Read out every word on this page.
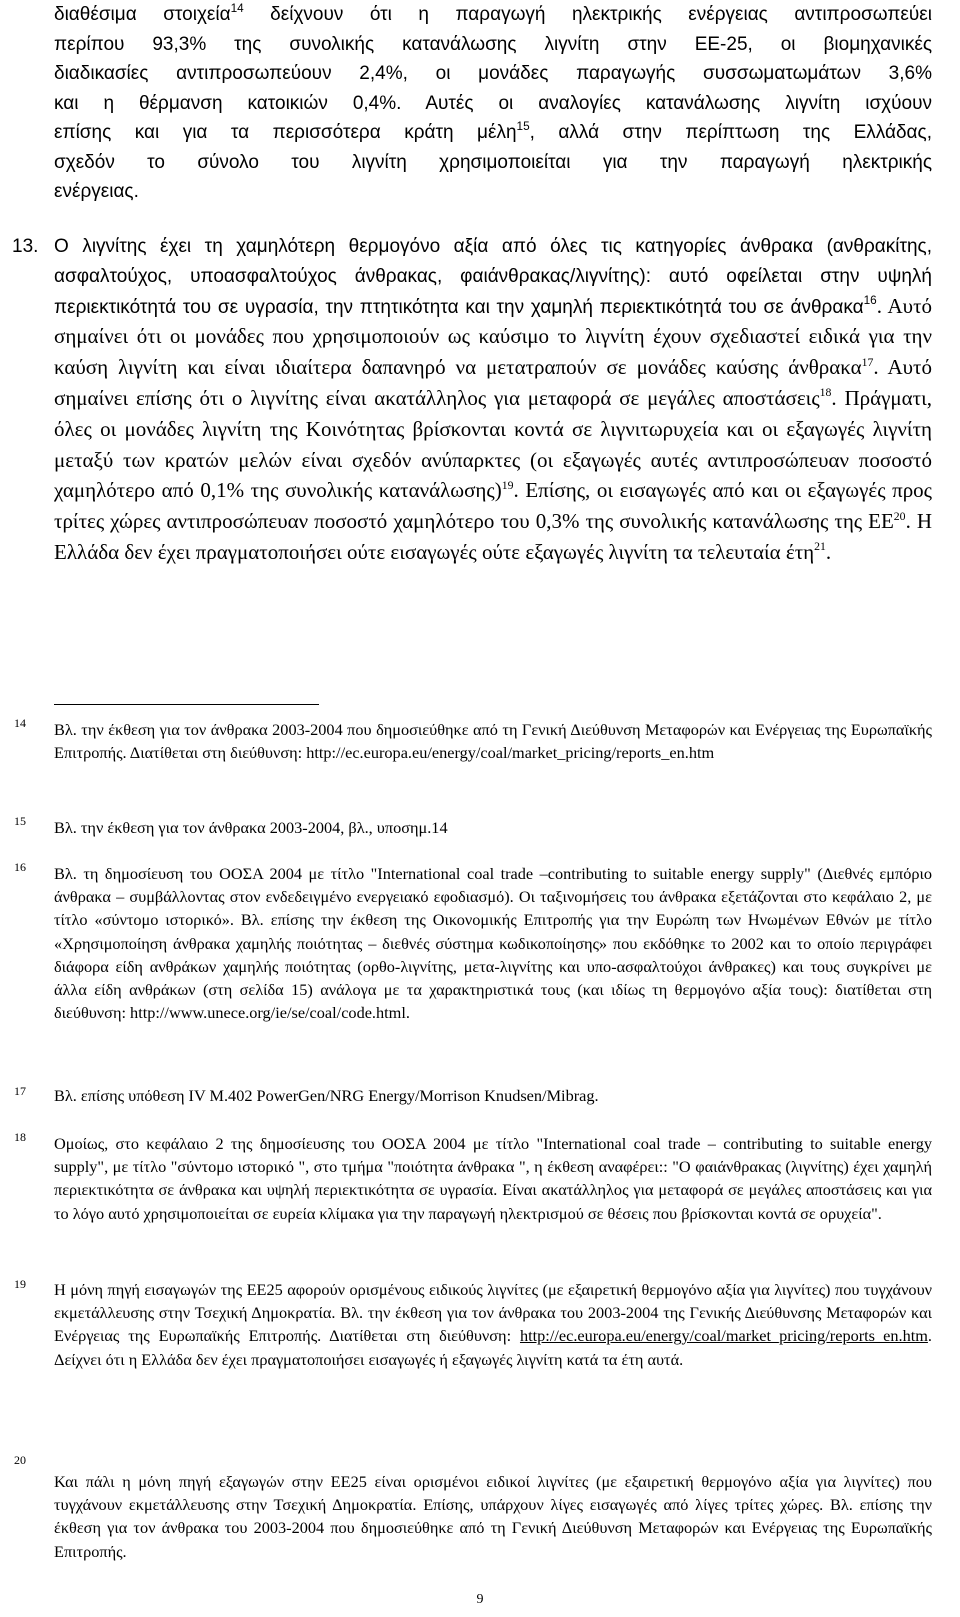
διαθέσιμα στοιχεία$^{14}$ δείχνουν ότι η παραγωγή ηλεκτρικής ενέργειας αντιπροσωπεύει
περίπου 93,3% της συνολικής κατανάλωσης λιγνίτη στην ΕΕ-25, οι βιομηχανικές
διαδικασίες αντιπροσωπεύουν 2,4%, οι μονάδες παραγωγής συσσωματωμάτων 3,6%
και η θέρμανση κατοικιών 0,4%. Αυτές οι αναλογίες κατανάλωσης λιγνίτη ισχύουν
επίσης και για τα περισσότερα κράτη μέλη$^{15}$, αλλά στην περίπτωση της Ελλάδας,
σχεδόν το σύνολο του λιγνίτη χρησιμοποιείται για την παραγωγή ηλεκτρικής
ενέργειας.
13. Ο λιγνίτης έχει τη χαμηλότερη θερμογόνο αξία από όλες τις κατηγορίες άνθρακα (ανθρακίτης, ασφαλτούχος, υποασφαλτούχος άνθρακας, φαιάνθρακας/λιγνίτης): αυτό οφείλεται στην υψηλή περιεκτικότητά του σε υγρασία, την πτητικότητα και την χαμηλή περιεκτικότητά του σε άνθρακα$^{16}$. Αυτό σημαίνει ότι οι μονάδες που χρησιμοποιούν ως καύσιμο το λιγνίτη έχουν σχεδιαστεί ειδικά για την καύση λιγνίτη και είναι ιδιαίτερα δαπανηρό να μετατραπούν σε μονάδες καύσης άνθρακα$^{17}$. Αυτό σημαίνει επίσης ότι ο λιγνίτης είναι ακατάλληλος για μεταφορά σε μεγάλες αποστάσεις$^{18}$. Πράγματι, όλες οι μονάδες λιγνίτη της Κοινότητας βρίσκονται κοντά σε λιγνιτωρυχεία και οι εξαγωγές λιγνίτη μεταξύ των κρατών μελών είναι σχεδόν ανύπαρκτες (οι εξαγωγές αυτές αντιπροσώπευαν ποσοστό χαμηλότερο από 0,1% της συνολικής κατανάλωσης)$^{19}$. Επίσης, οι εισαγωγές από και οι εξαγωγές προς τρίτες χώρες αντιπροσώπευαν ποσοστό χαμηλότερο του 0,3% της συνολικής κατανάλωσης της ΕΕ$^{20}$. Η Ελλάδα δεν έχει πραγματοποιήσει ούτε εισαγωγές ούτε εξαγωγές λιγνίτη τα τελευταία έτη$^{21}$.
14 Βλ. την έκθεση για τον άνθρακα 2003-2004 που δημοσιεύθηκε από τη Γενική Διεύθυνση Μεταφορών και Ενέργειας της Ευρωπαϊκής Επιτροπής. Διατίθεται στη διεύθυνση: http://ec.europa.eu/energy/coal/market_pricing/reports_en.htm
15 Βλ. την έκθεση για τον άνθρακα 2003-2004, βλ., υποσημ.14
16 Βλ. τη δημοσίευση του ΟΟΣΑ 2004 με τίτλο "International coal trade –contributing to suitable energy supply" (Διεθνές εμπόριο άνθρακα – συμβάλλοντας στον ενδεδειγμένο ενεργειακό εφοδιασμό). Οι ταξινομήσεις του άνθρακα εξετάζονται στο κεφάλαιο 2, με τίτλο «σύντομο ιστορικό». Βλ. επίσης την έκθεση της Οικονομικής Επιτροπής για την Ευρώπη των Ηνωμένων Εθνών με τίτλο «Χρησιμοποίηση άνθρακα χαμηλής ποιότητας – διεθνές σύστημα κωδικοποίησης» που εκδόθηκε το 2002 και το οποίο περιγράφει διάφορα είδη ανθράκων χαμηλής ποιότητας (ορθο-λιγνίτης, μετα-λιγνίτης και υπο-ασφαλτούχοι άνθρακες) και τους συγκρίνει με άλλα είδη ανθράκων (στη σελίδα 15) ανάλογα με τα χαρακτηριστικά τους (και ιδίως τη θερμογόνο αξία τους): διατίθεται στη διεύθυνση: http://www.unece.org/ie/se/coal/code.html.
17 Βλ. επίσης υπόθεση IV M.402 PowerGen/NRG Energy/Morrison Knudsen/Mibrag.
18 Ομοίως, στο κεφάλαιο 2 της δημοσίευσης του ΟΟΣΑ 2004 με τίτλο "International coal trade – contributing to suitable energy supply", με τίτλο "σύντομο ιστορικό ", στο τμήμα "ποιότητα άνθρακα ", η έκθεση αναφέρει:: "Ο φαιάνθρακας (λιγνίτης) έχει χαμηλή περιεκτικότητα σε άνθρακα και υψηλή περιεκτικότητα σε υγρασία. Είναι ακατάλληλος για μεταφορά σε μεγάλες αποστάσεις και για το λόγο αυτό χρησιμοποιείται σε ευρεία κλίμακα για την παραγωγή ηλεκτρισμού σε θέσεις που βρίσκονται κοντά σε ορυχεία".
19 Η μόνη πηγή εισαγωγών της ΕΕ25 αφορούν ορισμένους ειδικούς λιγνίτες (με εξαιρετική θερμογόνο αξία για λιγνίτες) που τυγχάνουν εκμετάλλευσης στην Τσεχική Δημοκρατία. Βλ. την έκθεση για τον άνθρακα του 2003-2004 της Γενικής Διεύθυνσης Μεταφορών και Ενέργειας της Ευρωπαϊκής Επιτροπής. Διατίθεται στη διεύθυνση: http://ec.europa.eu/energy/coal/market_pricing/reports_en.htm. Δείχνει ότι η Ελλάδα δεν έχει πραγματοποιήσει εισαγωγές ή εξαγωγές λιγνίτη κατά τα έτη αυτά.
20
Και πάλι η μόνη πηγή εξαγωγών στην ΕΕ25 είναι ορισμένοι ειδικοί λιγνίτες (με εξαιρετική θερμογόνο αξία για λιγνίτες) που τυγχάνουν εκμετάλλευσης στην Τσεχική Δημοκρατία. Επίσης, υπάρχουν λίγες εισαγωγές από λίγες τρίτες χώρες. Βλ. επίσης την έκθεση για τον άνθρακα του 2003-2004 που δημοσιεύθηκε από τη Γενική Διεύθυνση Μεταφορών και Ενέργειας της Ευρωπαϊκής Επιτροπής.
9
